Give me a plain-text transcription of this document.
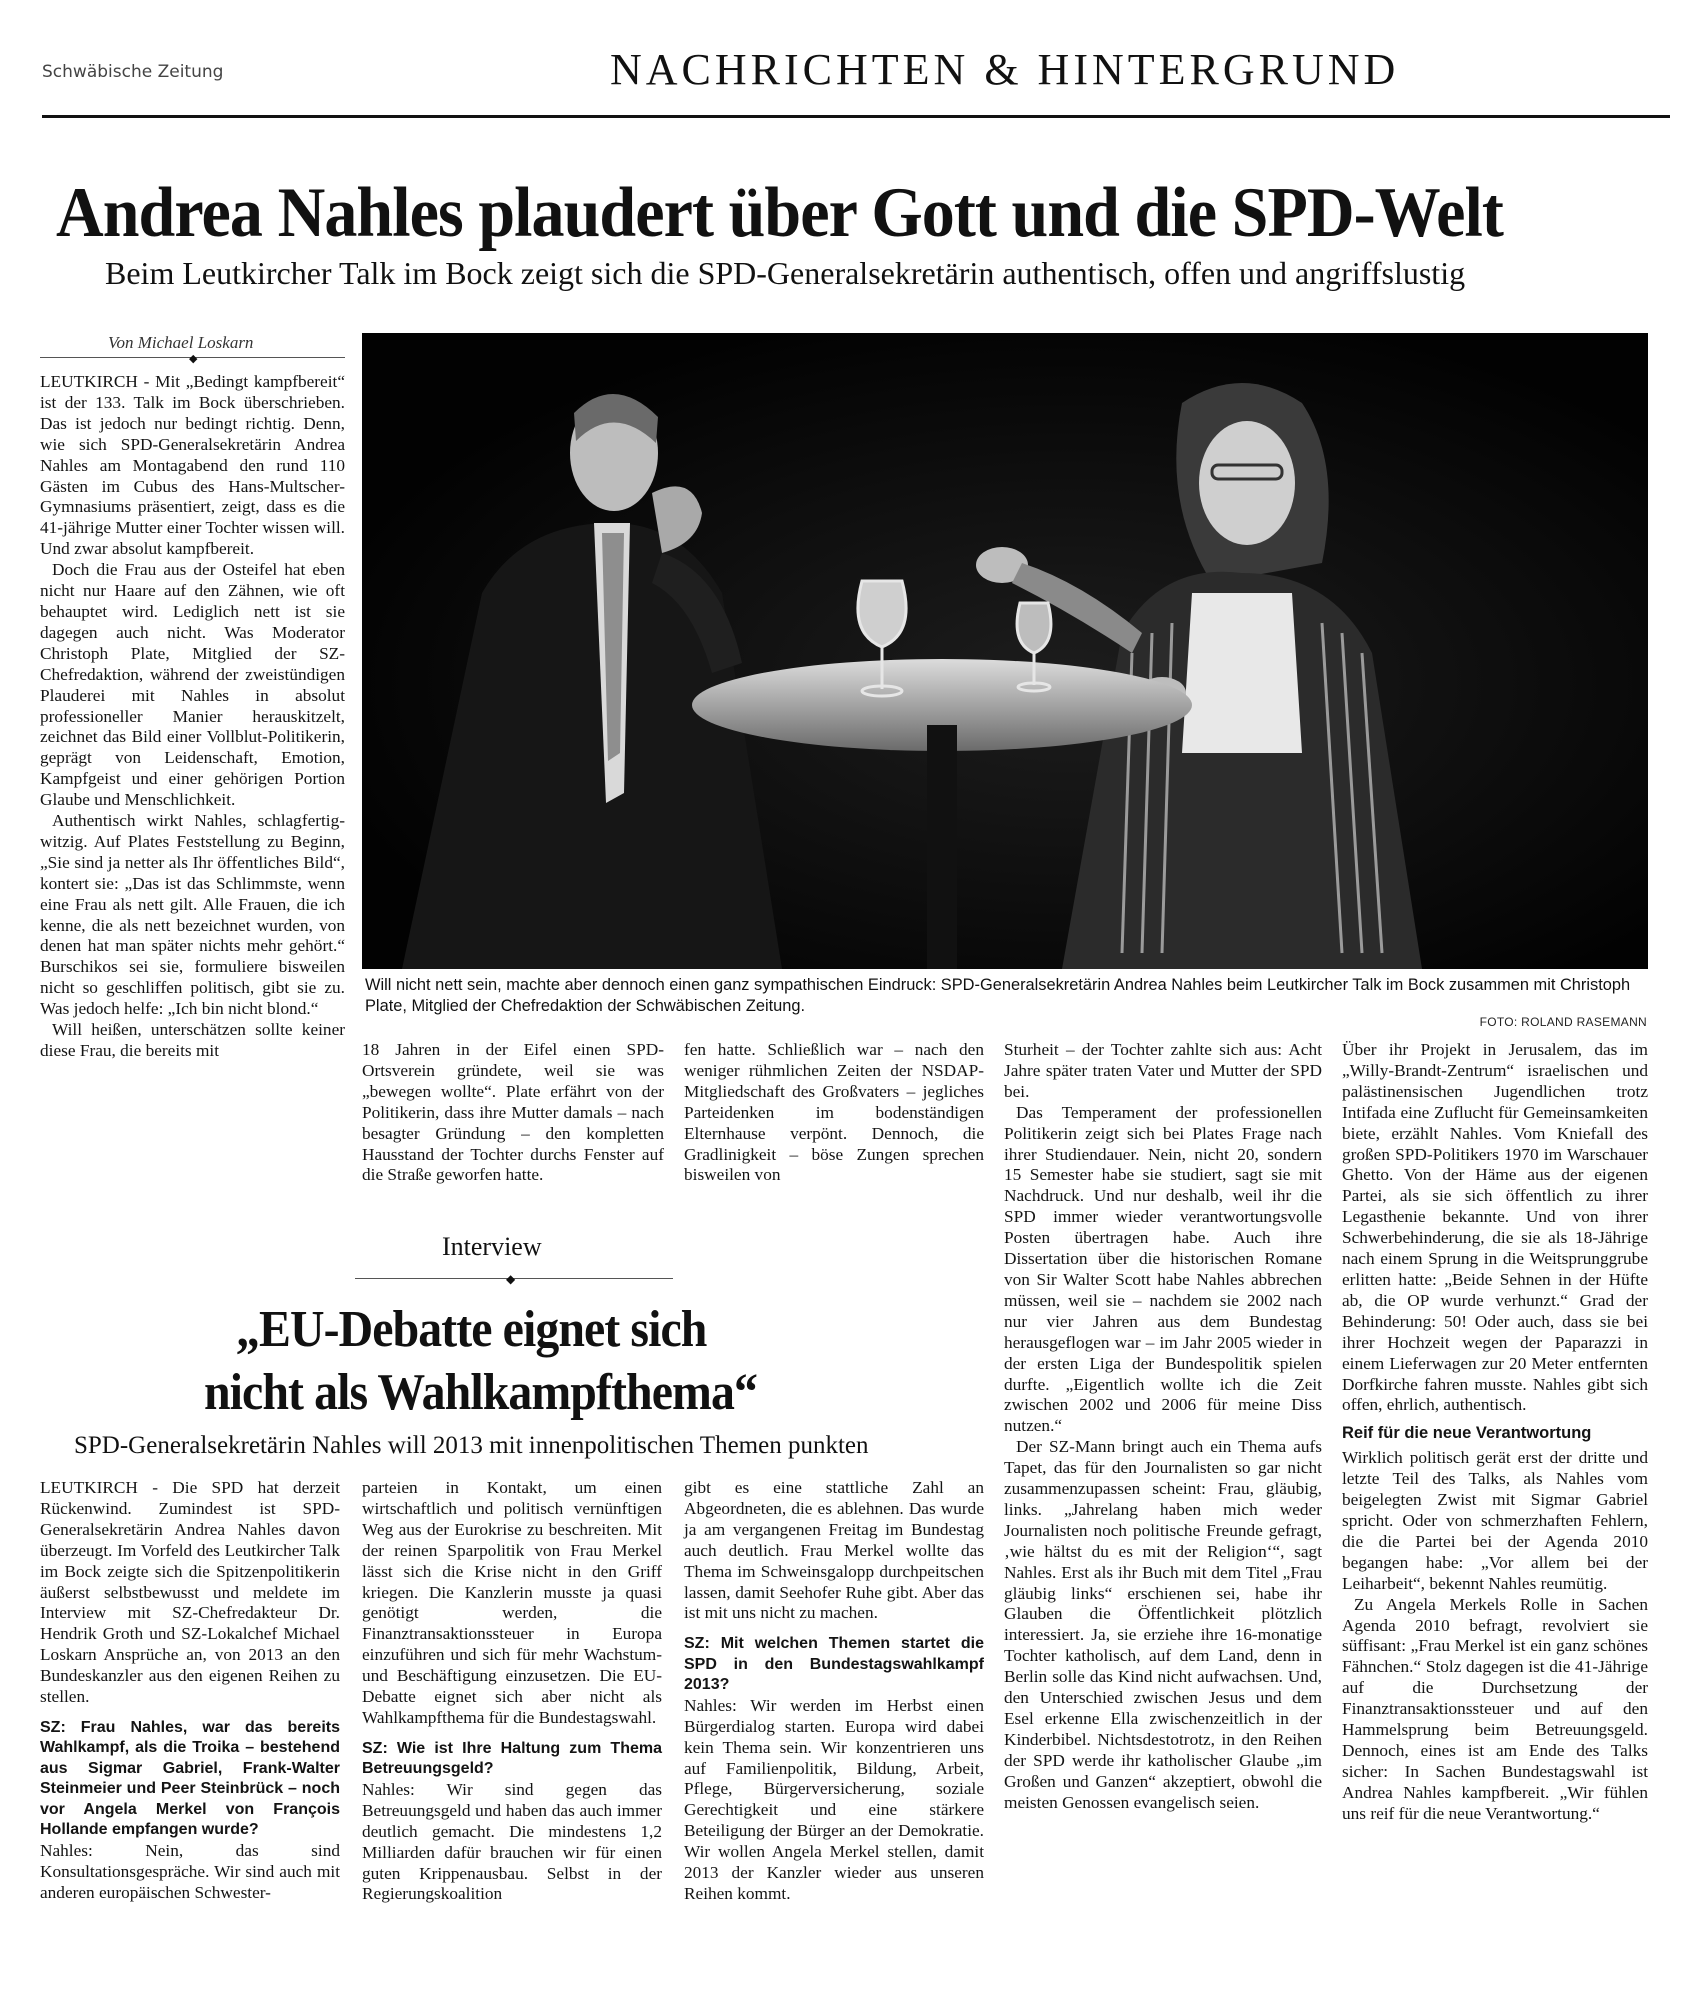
Schwäbische Zeitung	NACHRICHTEN & HINTERGRUND
Andrea Nahles plaudert über Gott und die SPD-Welt
Beim Leutkircher Talk im Bock zeigt sich die SPD-Generalsekretärin authentisch, offen und angriffslustig
Von Michael Loskarn
◆

LEUTKIRCH - Mit „Bedingt kampfbereit“ ist der 133. Talk im Bock überschrieben. Das ist jedoch nur bedingt richtig. Denn, wie sich SPD-Generalsekretärin Andrea Nahles am Montagabend den rund 110 Gästen im Cubus des Hans-Multscher-Gymnasiums präsentiert, zeigt, dass es die 41-jährige Mutter einer Tochter wissen will. Und zwar absolut kampfbereit.

Doch die Frau aus der Osteifel hat eben nicht nur Haare auf den Zähnen, wie oft behauptet wird. Lediglich nett ist sie dagegen auch nicht. Was Moderator Christoph Plate, Mitglied der SZ-Chefredaktion, während der zweistündigen Plauderei mit Nahles in absolut professioneller Manier herauskitzelt, zeichnet das Bild einer Vollblut-Politikerin, geprägt von Leidenschaft, Emotion, Kampfgeist und einer gehörigen Portion Glaube und Menschlichkeit.

Authentisch wirkt Nahles, schlagfertig-witzig. Auf Plates Feststellung zu Beginn, „Sie sind ja netter als Ihr öffentliches Bild“, kontert sie: „Das ist das Schlimmste, wenn eine Frau als nett gilt. Alle Frauen, die ich kenne, die als nett bezeichnet wurden, von denen hat man später nichts mehr gehört.“ Burschikos sei sie, formuliere bisweilen nicht so geschliffen politisch, gibt sie zu. Was jedoch helfe: „Ich bin nicht blond.“

Will heißen, unterschätzen sollte keiner diese Frau, die bereits mit

Will nicht nett sein, machte aber dennoch einen ganz sympathischen Eindruck: SPD-Generalsekretärin Andrea Nahles beim Leutkircher Talk im Bock zusammen mit Christoph Plate, Mitglied der Chefredaktion der Schwäbischen Zeitung.
FOTO: ROLAND RASEMANN

18 Jahren in der Eifel einen SPD-Ortsverein gründete, weil sie was „bewegen wollte“. Plate erfährt von der Politikerin, dass ihre Mutter damals – nach besagter Gründung – den kompletten Hausstand der Tochter durchs Fenster auf die Straße geworfen hatte.

fen hatte. Schließlich war – nach den weniger rühmlichen Zeiten der NSDAP-Mitgliedschaft des Großvaters – jegliches Parteidenken im bodenständigen Elternhause verpönt. Dennoch, die Gradlinigkeit – böse Zungen sprechen bisweilen von

Sturheit – der Tochter zahlte sich aus: Acht Jahre später traten Vater und Mutter der SPD bei.

Das Temperament der professionellen Politikerin zeigt sich bei Plates Frage nach ihrer Studiendauer. Nein, nicht 20, sondern 15 Semester habe sie studiert, sagt sie mit Nachdruck. Und nur deshalb, weil ihr die SPD immer wieder verantwortungsvolle Posten übertragen habe. Auch ihre Dissertation über die historischen Romane von Sir Walter Scott habe Nahles abbrechen müssen, weil sie – nachdem sie 2002 nach nur vier Jahren aus dem Bundestag herausgeflogen war – im Jahr 2005 wieder in der ersten Liga der Bundespolitik spielen durfte. „Eigentlich wollte ich die Zeit zwischen 2002 und 2006 für meine Diss nutzen.“

Der SZ-Mann bringt auch ein Thema aufs Tapet, das für den Journalisten so gar nicht zusammenzupassen scheint: Frau, gläubig, links. „Jahrelang haben mich weder Journalisten noch politische Freunde gefragt, ‚wie hältst du es mit der Religion‘“, sagt Nahles. Erst als ihr Buch mit dem Titel „Frau gläubig links“ erschienen sei, habe ihr Glauben die Öffentlichkeit plötzlich interessiert. Ja, sie erziehe ihre 16-monatige Tochter katholisch, auf dem Land, denn in Berlin solle das Kind nicht aufwachsen. Und, den Unterschied zwischen Jesus und dem Esel erkenne Ella zwischenzeitlich in der Kinderbibel. Nichtsdestotrotz, in den Reihen der SPD werde ihr katholischer Glaube „im Großen und Ganzen“ akzeptiert, obwohl die meisten Genossen evangelisch seien.

Über ihr Projekt in Jerusalem, das im „Willy-Brandt-Zentrum“ israelischen und palästinensischen Jugendlichen trotz Intifada eine Zuflucht für Gemeinsamkeiten biete, erzählt Nahles. Vom Kniefall des großen SPD-Politikers 1970 im Warschauer Ghetto. Von der Häme aus der eigenen Partei, als sie sich öffentlich zu ihrer Legasthenie bekannte. Und von ihrer Schwerbehinderung, die sie als 18-Jährige nach einem Sprung in die Weitsprunggrube erlitten hatte: „Beide Sehnen in der Hüfte ab, die OP wurde verhunzt.“ Grad der Behinderung: 50! Oder auch, dass sie bei ihrer Hochzeit wegen der Paparazzi in einem Lieferwagen zur 20 Meter entfernten Dorfkirche fahren musste. Nahles gibt sich offen, ehrlich, authentisch.

Reif für die neue Verantwortung

Wirklich politisch gerät erst der dritte und letzte Teil des Talks, als Nahles vom beigelegten Zwist mit Sigmar Gabriel spricht. Oder von schmerzhaften Fehlern, die die Partei bei der Agenda 2010 begangen habe: „Vor allem bei der Leiharbeit“, bekennt Nahles reumütig.

Zu Angela Merkels Rolle in Sachen Agenda 2010 befragt, revolviert sie süffisant: „Frau Merkel ist ein ganz schönes Fähnchen.“ Stolz dagegen ist die 41-Jährige auf die Durchsetzung der Finanztransaktionssteuer und auf den Hammelsprung beim Betreuungsgeld. Dennoch, eines ist am Ende des Talks sicher: In Sachen Bundestagswahl ist Andrea Nahles kampfbereit. „Wir fühlen uns reif für die neue Verantwortung.“

Interview
◆
„EU-Debatte eignet sich
nicht als Wahlkampfthema“
SPD-Generalsekretärin Nahles will 2013 mit innenpolitischen Themen punkten

LEUTKIRCH - Die SPD hat derzeit Rückenwind. Zumindest ist SPD-Generalsekretärin Andrea Nahles davon überzeugt. Im Vorfeld des Leutkircher Talk im Bock zeigte sich die Spitzenpolitikerin äußerst selbstbewusst und meldete im Interview mit SZ-Chefredakteur Dr. Hendrik Groth und SZ-Lokalchef Michael Loskarn Ansprüche an, von 2013 an den Bundeskanzler aus den eigenen Reihen zu stellen.

SZ: Frau Nahles, war das bereits Wahlkampf, als die Troika – bestehend aus Sigmar Gabriel, Frank-Walter Steinmeier und Peer Steinbrück – noch vor Angela Merkel von François Hollande empfangen wurde?

Nahles: Nein, das sind Konsultationsgespräche. Wir sind auch mit anderen europäischen Schwester-

parteien in Kontakt, um einen wirtschaftlich und politisch vernünftigen Weg aus der Eurokrise zu beschreiten. Mit der reinen Sparpolitik von Frau Merkel lässt sich die Krise nicht in den Griff kriegen. Die Kanzlerin musste ja quasi genötigt werden, die Finanztransaktionssteuer in Europa einzuführen und sich für mehr Wachstum- und Beschäftigung einzusetzen. Die EU-Debatte eignet sich aber nicht als Wahlkampfthema für die Bundestagswahl.

SZ: Wie ist Ihre Haltung zum Thema Betreuungsgeld?

Nahles: Wir sind gegen das Betreuungsgeld und haben das auch immer deutlich gemacht. Die mindestens 1,2 Milliarden dafür brauchen wir für einen guten Krippenausbau. Selbst in der Regierungskoalition

gibt es eine stattliche Zahl an Abgeordneten, die es ablehnen. Das wurde ja am vergangenen Freitag im Bundestag auch deutlich. Frau Merkel wollte das Thema im Schweinsgalopp durchpeitschen lassen, damit Seehofer Ruhe gibt. Aber das ist mit uns nicht zu machen.

SZ: Mit welchen Themen startet die SPD in den Bundestagswahlkampf 2013?

Nahles: Wir werden im Herbst einen Bürgerdialog starten. Europa wird dabei kein Thema sein. Wir konzentrieren uns auf Familienpolitik, Bildung, Arbeit, Pflege, Bürgerversicherung, soziale Gerechtigkeit und eine stärkere Beteiligung der Bürger an der Demokratie. Wir wollen Angela Merkel stellen, damit 2013 der Kanzler wieder aus unseren Reihen kommt.
